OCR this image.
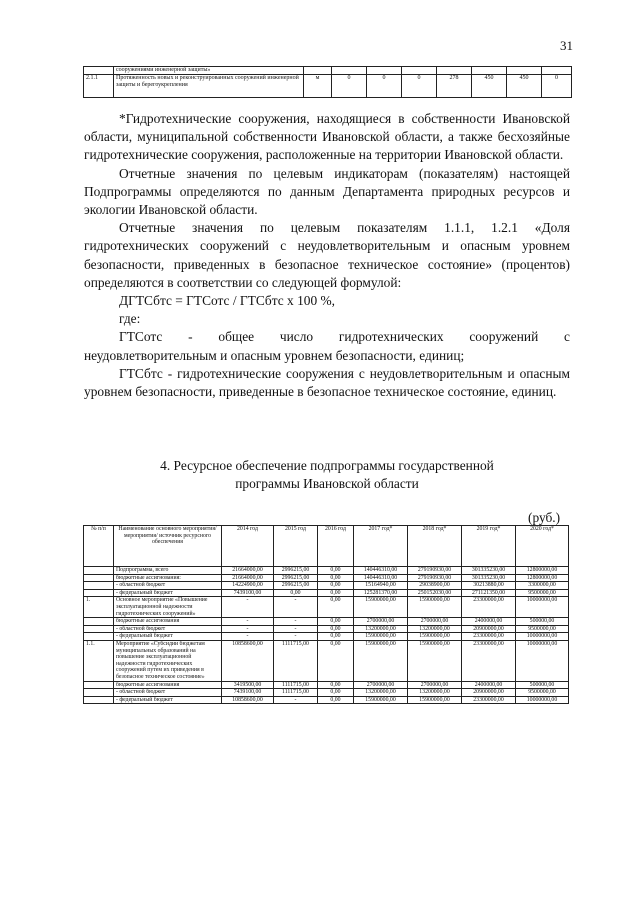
31
	сооружениями инженерной защиты»								
2.1.1	Протяженность новых и реконструированных сооружений инженерной защиты и берегоукрепления	м	0	0	0	278	450	450	0

*Гидротехнические сооружения, находящиеся в собственности Ивановской области, муниципальной собственности Ивановской области, а также бесхозяйные гидротехнические сооружения, расположенные на территории Ивановской области.

Отчетные значения по целевым индикаторам (показателям) настоящей Подпрограммы определяются по данным Департамента природных ресурсов и экологии Ивановской области.

Отчетные значения по целевым показателям 1.1.1, 1.2.1 «Доля гидротехнических сооружений с неудовлетворительным и опасным уровнем безопасности, приведенных в безопасное техническое состояние» (процентов) определяются в соответствии со следующей формулой:

ДГТСбтс = ГТСотс / ГТСбтс х 100 %,

где:

ГТСотс - общее число гидротехнических сооружений с неудовлетворительным и опасным уровнем безопасности, единиц;

ГТСбтс - гидротехнические сооружения с неудовлетворительным и опасным уровнем безопасности, приведенные в безопасное техническое состояние, единиц.

4. Ресурсное обеспечение подпрограммы государственной
программы Ивановской области
(руб.)
№ п/п	Наименование основного мероприятия/мероприятия/ источник ресурсного обеспечения	2014 год	2015 год	2016 год	2017 год*	2018 год*	2019 год*	2020 год*
	Подпрограмма, всего	21664000,00	2996215,00	0,00	140446310,00	279190930,00	301335230,00	12800000,00
	бюджетные ассигнования:	21664000,00	2996215,00	0,00	140446310,00	279190930,00	301335230,00	12800000,00
	- областной бюджет	14224900,00	2996215,00	0,00	15164940,00	29038900,00	30213880,00	3300000,00
	- федеральный бюджет	7439100,00	0,00	0,00	125281370,00	250152030,00	271121350,00	9500000,00
1.	Основное мероприятие «Повышение эксплуатационной надежности гидротехнических сооружений»	-	-	0,00	15900000,00	15900000,00	23300000,00	10000000,00
	бюджетные ассигнования	-	-	0,00	2700000,00	2700000,00	2400000,00	500000,00
	- областной бюджет	-	-	0,00	13200000,00	13200000,00	20900000,00	9500000,00
	- федеральный бюджет	-	-	0,00	15900000,00	15900000,00	23300000,00	10000000,00
1.1.	Мероприятие «Субсидии бюджетам муниципальных образований на повышение эксплуатационной надежности гидротехнических сооружений путем их приведения в безопасное техническое состояние»	10858600,00	1111715,00	0,00	15900000,00	15900000,00	23300000,00	10000000,00
	бюджетные ассигнования	3419500,00	1111715,00	0,00	2700000,00	2700000,00	2400000,00	500000,00
	- областной бюджет	7439100,00	1111715,00	0,00	13200000,00	13200000,00	20900000,00	9500000,00
	- федеральный бюджет	10858600,00	-	0,00	15900000,00	15900000,00	23300000,00	10000000,00
